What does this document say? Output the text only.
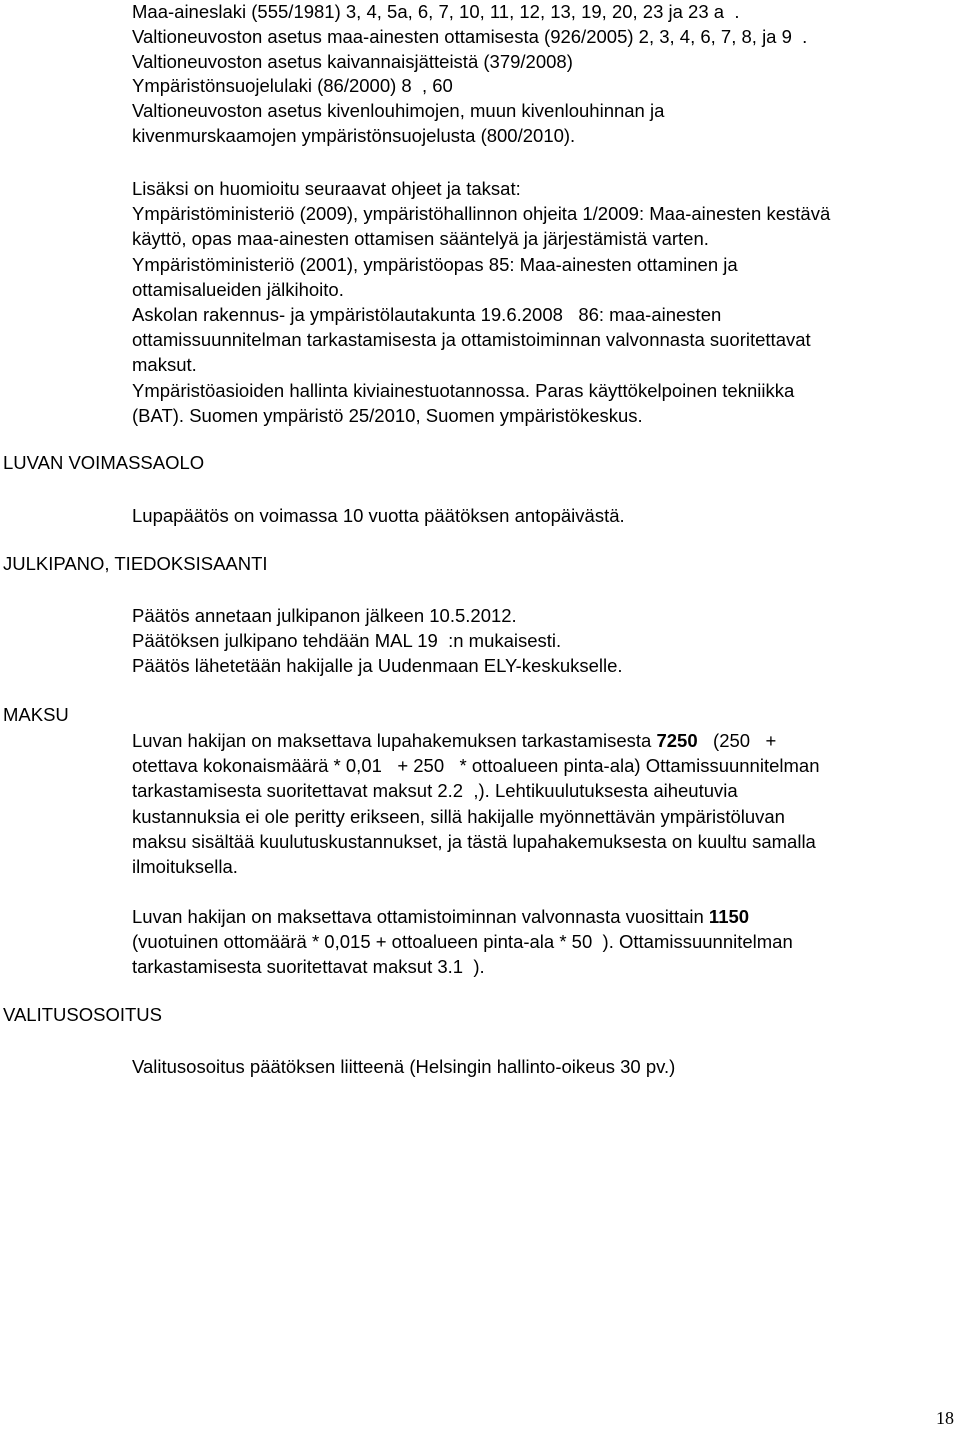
Maa-aineslaki (555/1981) 3, 4, 5a, 6, 7, 10, 11, 12, 13, 19, 20, 23 ja 23 a  .
Valtioneuvoston asetus maa-ainesten ottamisesta (926/2005) 2, 3, 4, 6, 7, 8, ja 9  .
Valtioneuvoston asetus kaivannaisjätteistä (379/2008)
Ympäristönsuojelulaki (86/2000) 8  , 60
Valtioneuvoston asetus kivenlouhimojen, muun kivenlouhinnan ja
kivenmurskaamojen ympäristönsuojelusta (800/2010).
Lisäksi on huomioitu seuraavat ohjeet ja taksat:
Ympäristöministeriö (2009), ympäristöhallinnon ohjeita 1/2009: Maa-ainesten kestävä
käyttö, opas maa-ainesten ottamisen sääntelyä ja järjestämistä varten.
Ympäristöministeriö (2001), ympäristöopas 85: Maa-ainesten ottaminen ja
ottamisalueiden jälkihoito.
Askolan rakennus- ja ympäristölautakunta 19.6.2008   86: maa-ainesten
ottamissuunnitelman tarkastamisesta ja ottamistoiminnan valvonnasta suoritettavat
maksut.
Ympäristöasioiden hallinta kiviainestuotannossa. Paras käyttökelpoinen tekniikka
(BAT). Suomen ympäristö 25/2010, Suomen ympäristökeskus.
LUVAN VOIMASSAOLO
Lupapäätös on voimassa 10 vuotta päätöksen antopäivästä.
JULKIPANO, TIEDOKSISAANTI
Päätös annetaan julkipanon jälkeen 10.5.2012.
Päätöksen julkipano tehdään MAL 19  :n mukaisesti.
Päätös lähetetään hakijalle ja Uudenmaan ELY-keskukselle.
MAKSU
Luvan hakijan on maksettava lupahakemuksen tarkastamisesta 7250   (250   +
otettava kokonaismäärä * 0,01   + 250   * ottoalueen pinta-ala) Ottamissuunnitelman
tarkastamisesta suoritettavat maksut 2.2  ,). Lehtikuulutuksesta aiheutuvia
kustannuksia ei ole peritty erikseen, sillä hakijalle myönnettävän ympäristöluvan
maksu sisältää kuulutuskustannukset, ja tästä lupahakemuksesta on kuultu samalla
ilmoituksella.
Luvan hakijan on maksettava ottamistoiminnan valvonnasta vuosittain 1150
(vuotuinen ottomäärä * 0,015 + ottoalueen pinta-ala * 50  ). Ottamissuunnitelman
tarkastamisesta suoritettavat maksut 3.1  ).
VALITUSOSOITUS
Valitusosoitus päätöksen liitteenä (Helsingin hallinto-oikeus 30 pv.)
18
